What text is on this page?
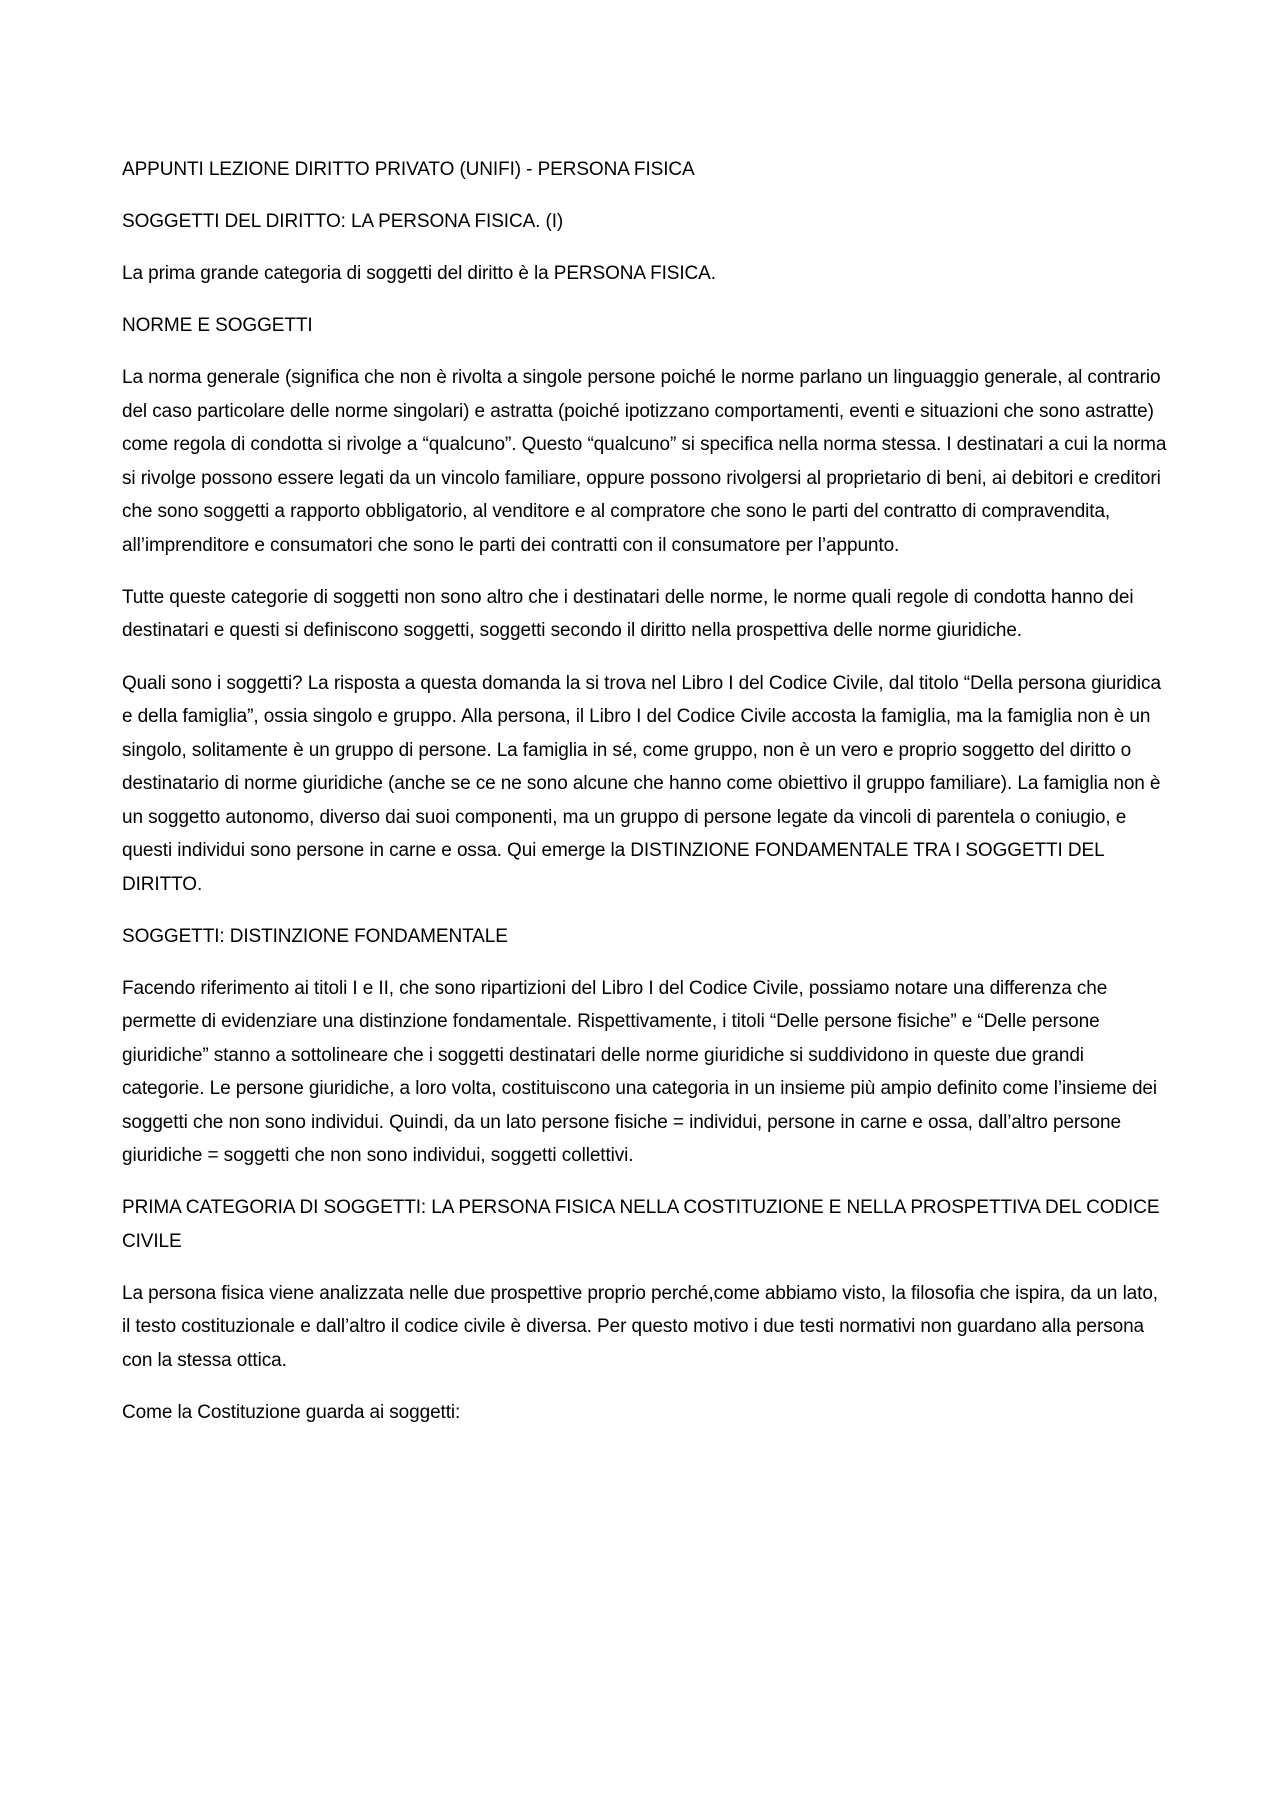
APPUNTI LEZIONE DIRITTO PRIVATO (UNIFI) - PERSONA FISICA

SOGGETTI DEL DIRITTO: LA PERSONA FISICA. (I)

La prima grande categoria di soggetti del diritto è la PERSONA FISICA.

NORME E SOGGETTI

La norma generale (significa che non è rivolta a singole persone poiché le norme parlano un linguaggio generale, al contrario del caso particolare delle norme singolari) e astratta (poiché ipotizzano comportamenti, eventi e situazioni che sono astratte) come regola di condotta si rivolge a “qualcuno”. Questo “qualcuno” si specifica nella norma stessa. I destinatari a cui la norma si rivolge possono essere legati da un vincolo familiare, oppure possono rivolgersi al proprietario di beni, ai debitori e creditori che sono soggetti a rapporto obbligatorio, al venditore e al compratore che sono le parti del contratto di compravendita, all’imprenditore e consumatori che sono le parti dei contratti con il consumatore per l’appunto.

Tutte queste categorie di soggetti non sono altro che i destinatari delle norme, le norme quali regole di condotta hanno dei destinatari e questi si definiscono soggetti, soggetti secondo il diritto nella prospettiva delle norme giuridiche.

Quali sono i soggetti? La risposta a questa domanda la si trova nel Libro I del Codice Civile, dal titolo “Della persona giuridica e della famiglia”, ossia singolo e gruppo. Alla persona, il Libro I del Codice Civile accosta la famiglia, ma la famiglia non è un singolo, solitamente è un gruppo di persone. La famiglia in sé, come gruppo, non è un vero e proprio soggetto del diritto o destinatario di norme giuridiche (anche se ce ne sono alcune che hanno come obiettivo il gruppo familiare). La famiglia non è un soggetto autonomo, diverso dai suoi componenti, ma un gruppo di persone legate da vincoli di parentela o coniugio, e questi individui sono persone in carne e ossa. Qui emerge la DISTINZIONE FONDAMENTALE TRA I SOGGETTI DEL DIRITTO.

SOGGETTI: DISTINZIONE FONDAMENTALE

Facendo riferimento ai titoli I e II, che sono ripartizioni del Libro I del Codice Civile, possiamo notare una differenza che permette di evidenziare una distinzione fondamentale. Rispettivamente, i titoli “Delle persone fisiche” e “Delle persone giuridiche” stanno a sottolineare che i soggetti destinatari delle norme giuridiche si suddividono in queste due grandi categorie. Le persone giuridiche, a loro volta, costituiscono una categoria in un insieme più ampio definito come l’insieme dei soggetti che non sono individui. Quindi, da un lato persone fisiche = individui, persone in carne e ossa, dall’altro persone giuridiche = soggetti che non sono individui, soggetti collettivi.

PRIMA CATEGORIA DI SOGGETTI: LA PERSONA FISICA NELLA COSTITUZIONE E NELLA PROSPETTIVA DEL CODICE CIVILE

La persona fisica viene analizzata nelle due prospettive proprio perché,come abbiamo visto, la filosofia che ispira, da un lato, il testo costituzionale e dall’altro il codice civile è diversa. Per questo motivo i due testi normativi non guardano alla persona con la stessa ottica.

Come la Costituzione guarda ai soggetti:
